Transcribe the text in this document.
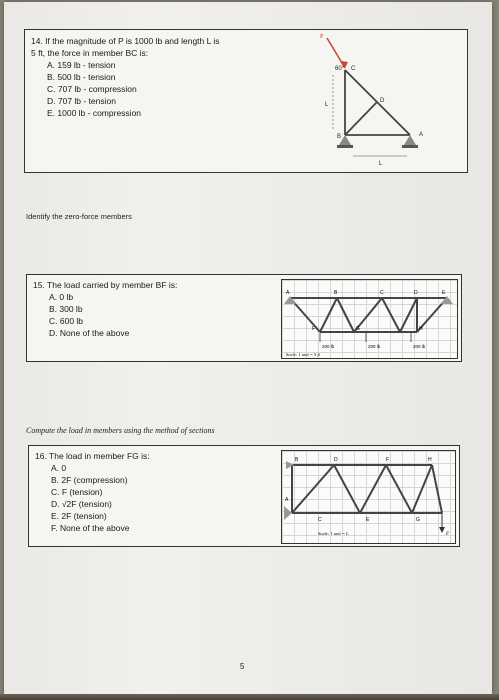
14. If the magnitude of P is 1000 lb and length L is
5 ft, the force in member BC is:
A. 159 lb - tension
B. 500 lb - tension
C. 707 lb - compression
D. 707 lb - tension
E. 1000 lb - compression
P
60° C
D
L
B	A
L
Identify the zero-force members
15. The load carried by member BF is:
A. 0 lb
B. 300 lb
C. 600 lb
D. None of the above
A	B	C	D	E
F	G	H
200 lb	200 lb	200 lb
Scale: 1 unit = 5 ft
Compute the load in members using the method of sections
16. The load in member FG is:
A. 0
B. 2F (compression)
C. F (tension)
D. √2F (tension)
E. 2F (tension)
F. None of the above
B	D	F	H
A
C	E	G
F
Scale: 1 unit = L
5
